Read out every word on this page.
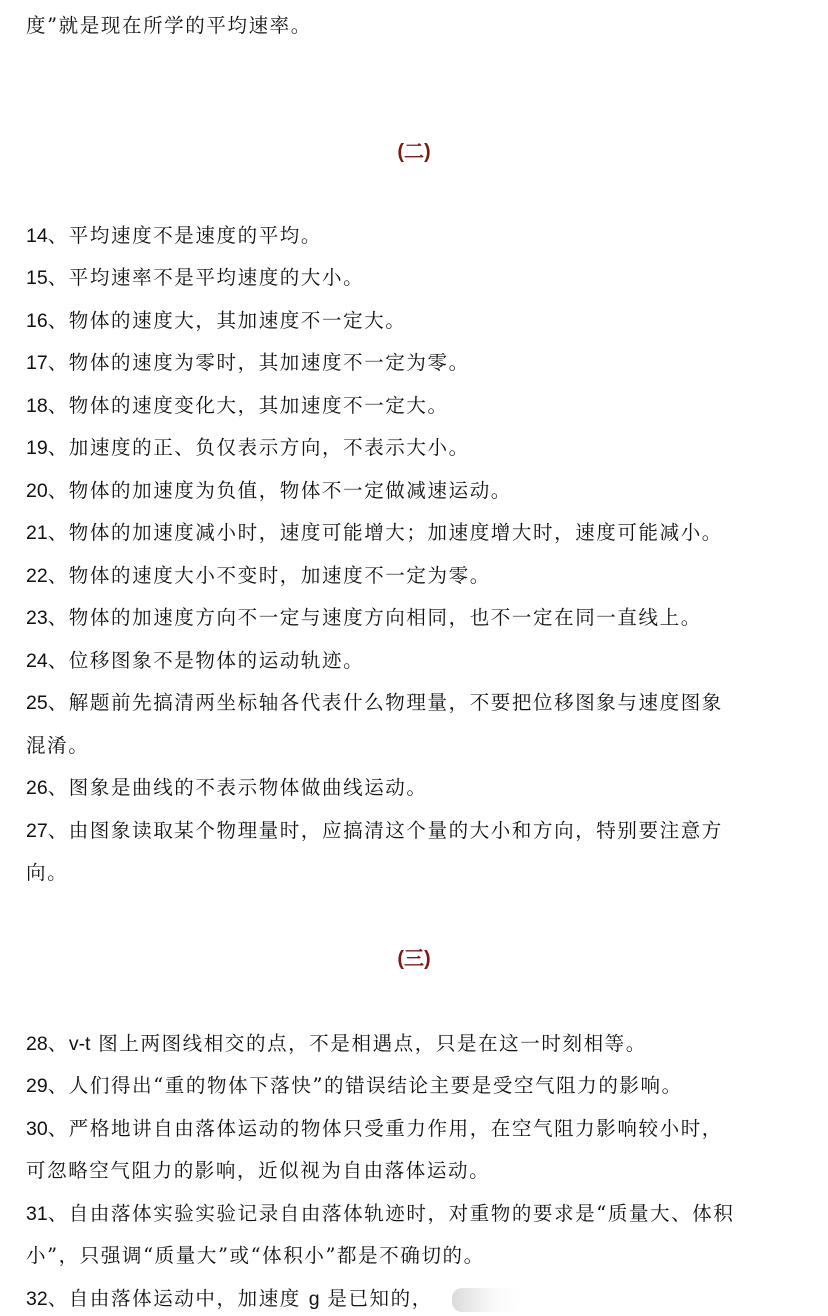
度”就是现在所学的平均速率。
(二)
14、平均速度不是速度的平均。
15、平均速率不是平均速度的大小。
16、物体的速度大，其加速度不一定大。
17、物体的速度为零时，其加速度不一定为零。
18、物体的速度变化大，其加速度不一定大。
19、加速度的正、负仅表示方向，不表示大小。
20、物体的加速度为负值，物体不一定做减速运动。
21、物体的加速度减小时，速度可能增大；加速度增大时，速度可能减小。
22、物体的速度大小不变时，加速度不一定为零。
23、物体的加速度方向不一定与速度方向相同，也不一定在同一直线上。
24、位移图象不是物体的运动轨迹。
25、解题前先搞清两坐标轴各代表什么物理量，不要把位移图象与速度图象
混淆。
26、图象是曲线的不表示物体做曲线运动。
27、由图象读取某个物理量时，应搞清这个量的大小和方向，特别要注意方
向。
(三)
28、v-t 图上两图线相交的点，不是相遇点，只是在这一时刻相等。
29、人们得出“重的物体下落快”的错误结论主要是受空气阻力的影响。
30、严格地讲自由落体运动的物体只受重力作用，在空气阻力影响较小时，
可忽略空气阻力的影响，近似视为自由落体运动。
31、自由落体实验实验记录自由落体轨迹时，对重物的要求是“质量大、体积
小”，只强调“质量大”或“体积小”都是不确切的。
32、自由落体运动中，加速度 g 是已知的，
